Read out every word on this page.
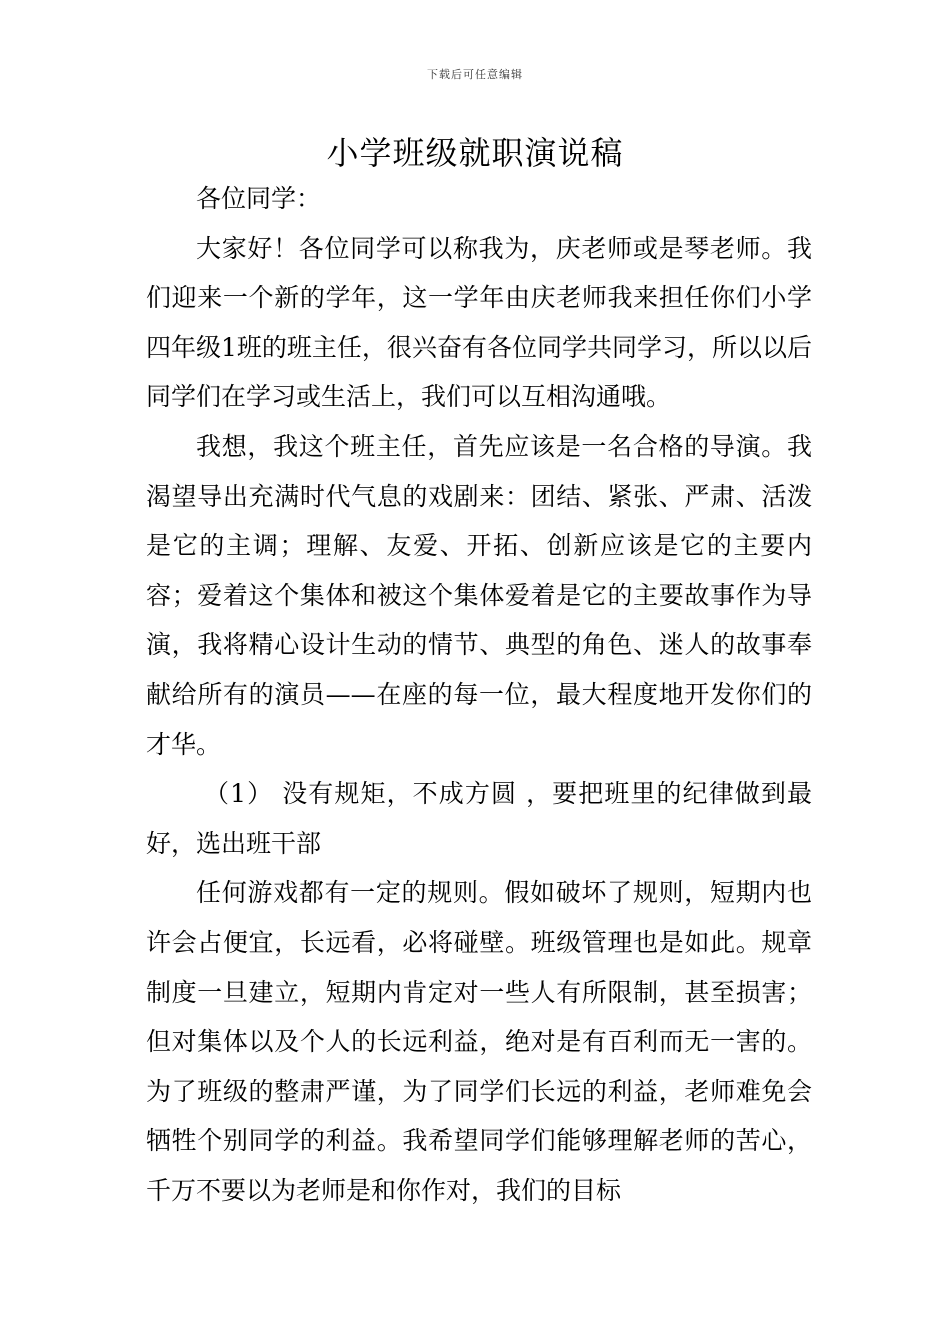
下载后可任意编辑
小学班级就职演说稿

各位同学：

大家好！各位同学可以称我为，庆老师或是琴老师。我们迎来一个新的学年，这一学年由庆老师我来担任你们小学四年级1班的班主任，很兴奋有各位同学共同学习，所以以后同学们在学习或生活上，我们可以互相沟通哦。

我想，我这个班主任，首先应该是一名合格的导演。我渴望导出充满时代气息的戏剧来：团结、紧张、严肃、活泼是它的主调；理解、友爱、开拓、创新应该是它的主要内容；爱着这个集体和被这个集体爱着是它的主要故事作为导演，我将精心设计生动的情节、典型的角色、迷人的故事奉献给所有的演员——在座的每一位，最大程度地开发你们的才华。

（1） 没有规矩，不成方圆 ，要把班里的纪律做到最好，选出班干部

任何游戏都有一定的规则。假如破坏了规则，短期内也许会占便宜，长远看，必将碰壁。班级管理也是如此。规章制度一旦建立，短期内肯定对一些人有所限制，甚至损害；但对集体以及个人的长远利益，绝对是有百利而无一害的。为了班级的整肃严谨，为了同学们长远的利益，老师难免会牺牲个别同学的利益。我希望同学们能够理解老师的苦心，千万不要以为老师是和你作对，我们的目标
